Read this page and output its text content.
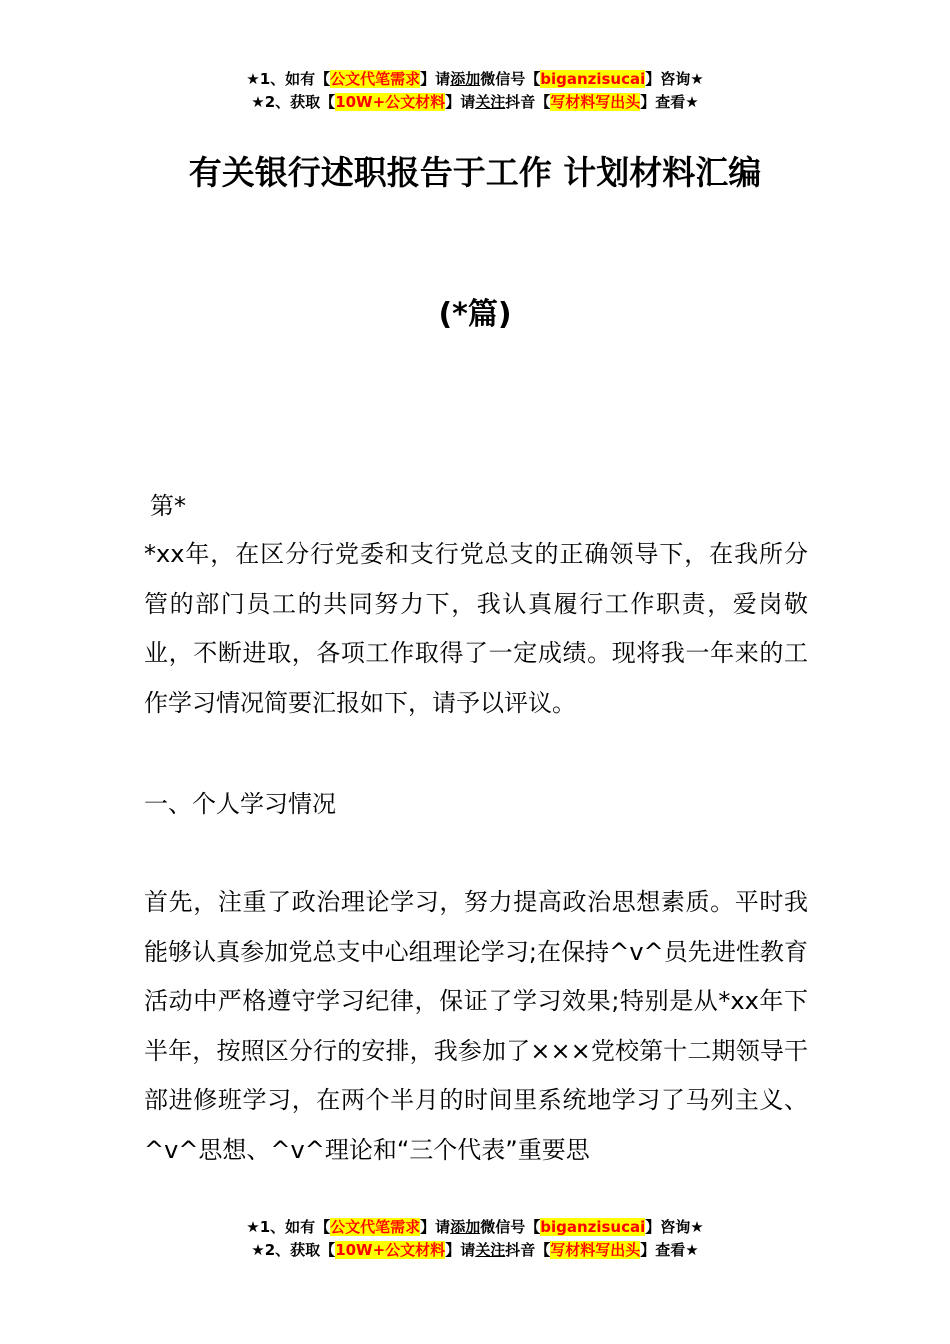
★1、如有【公文代笔需求】请添加微信号【biganzisucai】咨询★
★2、获取【10W+公文材料】请关注抖音【写材料写出头】查看★
有关银行述职报告于工作 计划材料汇编
(*篇)
第*
*xx年，在区分行党委和支行党总支的正确领导下，在我所分管的部门员工的共同努力下，我认真履行工作职责，爱岗敬业，不断进取，各项工作取得了一定成绩。现将我一年来的工作学习情况简要汇报如下，请予以评议。
一、个人学习情况
首先，注重了政治理论学习，努力提高政治思想素质。平时我能够认真参加党总支中心组理论学习;在保持^v^员先进性教育活动中严格遵守学习纪律，保证了学习效果;特别是从*xx年下半年，按照区分行的安排，我参加了×××党校第十二期领导干部进修班学习，在两个半月的时间里系统地学习了马列主义、^v^思想、^v^理论和“三个代表”重要思
★1、如有【公文代笔需求】请添加微信号【biganzisucai】咨询★
★2、获取【10W+公文材料】请关注抖音【写材料写出头】查看★
